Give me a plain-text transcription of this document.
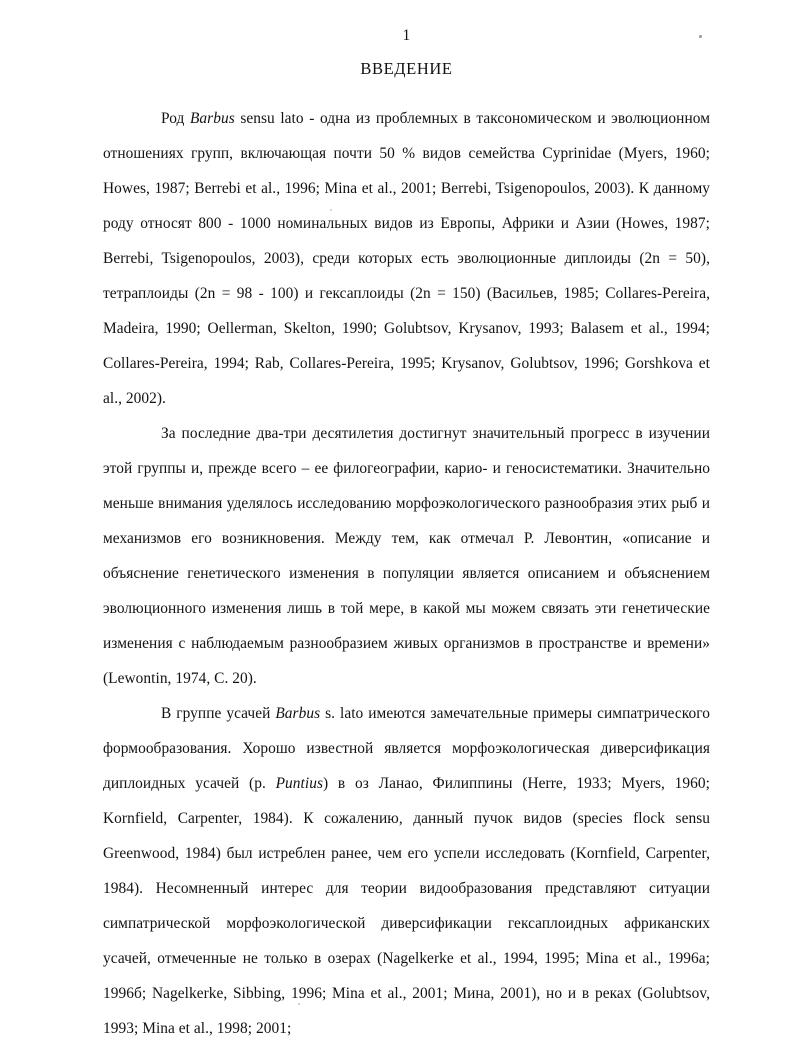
1
ВВЕДЕНИЕ

Род Barbus sensu lato - одна из проблемных в таксономическом и эволюционном отношениях групп, включающая почти 50 % видов семейства Cyprinidae (Myers, 1960; Howes, 1987; Berrebi et al., 1996; Mina et al., 2001; Berrebi, Tsigenopoulos, 2003). К данному роду относят 800 - 1000 номинальных видов из Европы, Африки и Азии (Howes, 1987; Berrebi, Tsigenopoulos, 2003), среди которых есть эволюционные диплоиды (2n = 50), тетраплоиды (2n = 98 - 100) и гексаплоиды (2n = 150) (Васильев, 1985; Collares-Pereira, Madeira, 1990; Oellerman, Skelton, 1990; Golubtsov, Krysanov, 1993; Balasem et al., 1994; Collares-Pereira, 1994; Rab, Collares-Pereira, 1995; Krysanov, Golubtsov, 1996; Gorshkova et al., 2002).

За последние два-три десятилетия достигнут значительный прогресс в изучении этой группы и, прежде всего – ее филогеографии, карио- и геносистематики. Значительно меньше внимания уделялось исследованию морфоэкологического разнообразия этих рыб и механизмов его возникновения. Между тем, как отмечал Р. Левонтин, «описание и объяснение генетического изменения в популяции является описанием и объяснением эволюционного изменения лишь в той мере, в какой мы можем связать эти генетические изменения с наблюдаемым разнообразием живых организмов в пространстве и времени» (Lewontin, 1974, С. 20).

В группе усачей Barbus s. lato имеются замечательные примеры симпатрического формообразования. Хорошо известной является морфоэкологическая диверсификация диплоидных усачей (p. Puntius) в оз Ланао, Филиппины (Herre, 1933; Myers, 1960; Kornfield, Carpenter, 1984). К сожалению, данный пучок видов (species flock sensu Greenwood, 1984) был истреблен ранее, чем его успели исследовать (Kornfield, Carpenter, 1984). Несомненный интерес для теории видообразования представляют ситуации симпатрической морфоэкологической диверсификации гексаплоидных африканских усачей, отмеченные не только в озерах (Nagelkerke et al., 1994, 1995; Mina et al., 1996a; 1996б; Nagelkerke, Sibbing, 1996; Mina et al., 2001; Мина, 2001), но и в реках (Golubtsov, 1993; Mina et al., 1998; 2001;
